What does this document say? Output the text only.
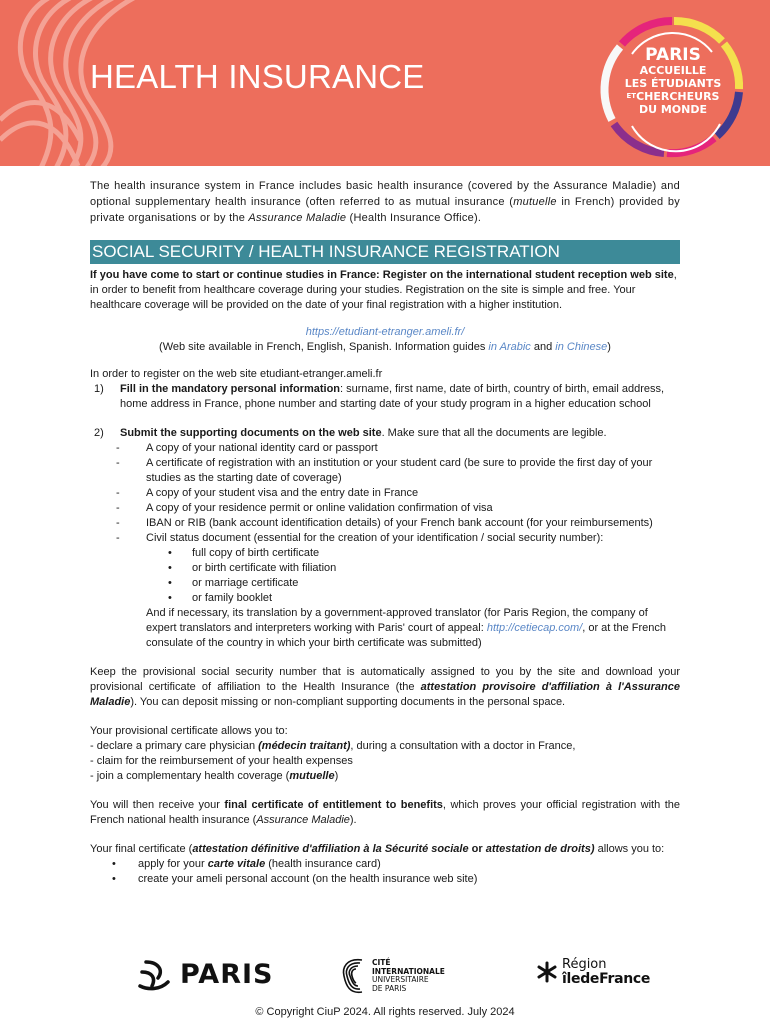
HEALTH INSURANCE
PARIS
ACCUEILLE
LES ÉTUDIANTS
$^{ET}$CHERCHEURS
DU MONDE

The health insurance system in France includes basic health insurance (covered by the Assurance Maladie) and optional supplementary health insurance (often referred to as mutual insurance (mutuelle in French) provided by private organisations or by the Assurance Maladie (Health Insurance Office).

SOCIAL SECURITY / HEALTH INSURANCE REGISTRATION

If you have come to start or continue studies in France: Register on the international student reception web site, in order to benefit from healthcare coverage during your studies. Registration on the site is simple and free. Your healthcare coverage will be provided on the date of your final registration with a higher institution.

https://etudiant-etranger.ameli.fr/
(Web site available in French, English, Spanish. Information guides in Arabic and in Chinese)

In order to register on the web site etudiant-etranger.ameli.fr

1)	Fill in the mandatory personal information: surname, first name, date of birth, country of birth, email address, home address in France, phone number and starting date of your study program in a higher education school
2)	Submit the supporting documents on the web site. Make sure that all the documents are legible.
- A copy of your national identity card or passport
- A certificate of registration with an institution or your student card (be sure to provide the first day of your studies as the starting date of coverage)
- A copy of your student visa and the entry date in France
- A copy of your residence permit or online validation confirmation of visa
- IBAN or RIB (bank account identification details) of your French bank account (for your reimbursements)
- Civil status document (essential for the creation of your identification / social security number):
• full copy of birth certificate
• or birth certificate with filiation
• or marriage certificate
• or family booklet
And if necessary, its translation by a government-approved translator (for Paris Region, the company of expert translators and interpreters working with Paris' court of appeal: http://cetiecap.com/, or at the French consulate of the country in which your birth certificate was submitted)

Keep the provisional social security number that is automatically assigned to you by the site and download your provisional certificate of affiliation to the Health Insurance (the attestation provisoire d'affiliation à l'Assurance Maladie). You can deposit missing or non-compliant supporting documents in the personal space.

Your provisional certificate allows you to:
- declare a primary care physician (médecin traitant), during a consultation with a doctor in France,
- claim for the reimbursement of your health expenses
- join a complementary health coverage (mutuelle)

You will then receive your final certificate of entitlement to benefits, which proves your official registration with the French national health insurance (Assurance Maladie).

Your final certificate (attestation définitive d'affiliation à la Sécurité sociale or attestation de droits) allows you to:
• apply for your carte vitale (health insurance card)
• create your ameli personal account (on the health insurance web site)
PARIS	CITÉ
INTERNATIONALE
UNIVERSITAIRE
DE PARIS
Région
îledeFrance
© Copyright CiuP 2024. All rights reserved. July 2024
